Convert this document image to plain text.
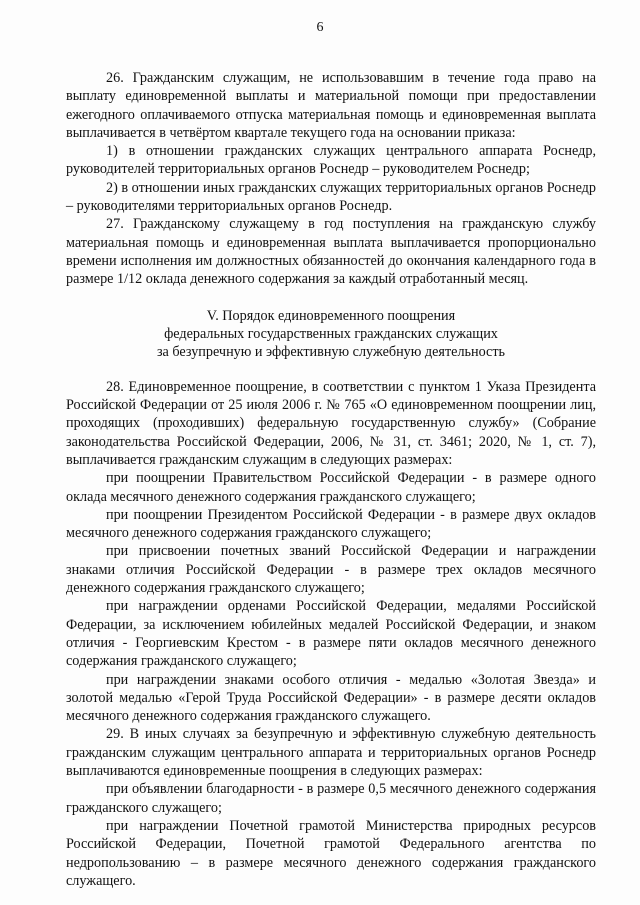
6

26. Гражданским служащим, не использовавшим в течение года право на выплату единовременной выплаты и материальной помощи при предоставлении ежегодного оплачиваемого отпуска материальная помощь и единовременная выплата выплачивается в четвёртом квартале текущего года на основании приказа:

1) в отношении гражданских служащих центрального аппарата Роснедр, руководителей территориальных органов Роснедр – руководителем Роснедр;

2) в отношении иных гражданских служащих территориальных органов Роснедр – руководителями территориальных органов Роснедр.

27. Гражданскому служащему в год поступления на гражданскую службу материальная помощь и единовременная выплата выплачивается пропорционально времени исполнения им должностных обязанностей до окончания календарного года в размере 1/12 оклада денежного содержания за каждый отработанный месяц.

V. Порядок единовременного поощрения
федеральных государственных гражданских служащих
за безупречную и эффективную служебную деятельность

28. Единовременное поощрение, в соответствии с пунктом 1 Указа Президента Российской Федерации от 25 июля 2006 г. № 765 «О единовременном поощрении лиц, проходящих (проходивших) федеральную государственную службу» (Собрание законодательства Российской Федерации, 2006, № 31, ст. 3461; 2020, № 1, ст. 7), выплачивается гражданским служащим в следующих размерах:

при поощрении Правительством Российской Федерации - в размере одного оклада месячного денежного содержания гражданского служащего;

при поощрении Президентом Российской Федерации - в размере двух окладов месячного денежного содержания гражданского служащего;

при присвоении почетных званий Российской Федерации и награждении знаками отличия Российской Федерации - в размере трех окладов месячного денежного содержания гражданского служащего;

при награждении орденами Российской Федерации, медалями Российской Федерации, за исключением юбилейных медалей Российской Федерации, и знаком отличия - Георгиевским Крестом - в размере пяти окладов месячного денежного содержания гражданского служащего;

при награждении знаками особого отличия - медалью «Золотая Звезда» и золотой медалью «Герой Труда Российской Федерации» - в размере десяти окладов месячного денежного содержания гражданского служащего.

29. В иных случаях за безупречную и эффективную служебную деятельность гражданским служащим центрального аппарата и территориальных органов Роснедр выплачиваются единовременные поощрения в следующих размерах:

при объявлении благодарности - в размере 0,5 месячного денежного содержания гражданского служащего;

при награждении Почетной грамотой Министерства природных ресурсов Российской Федерации, Почетной грамотой Федерального агентства по недропользованию – в размере месячного денежного содержания гражданского служащего.
